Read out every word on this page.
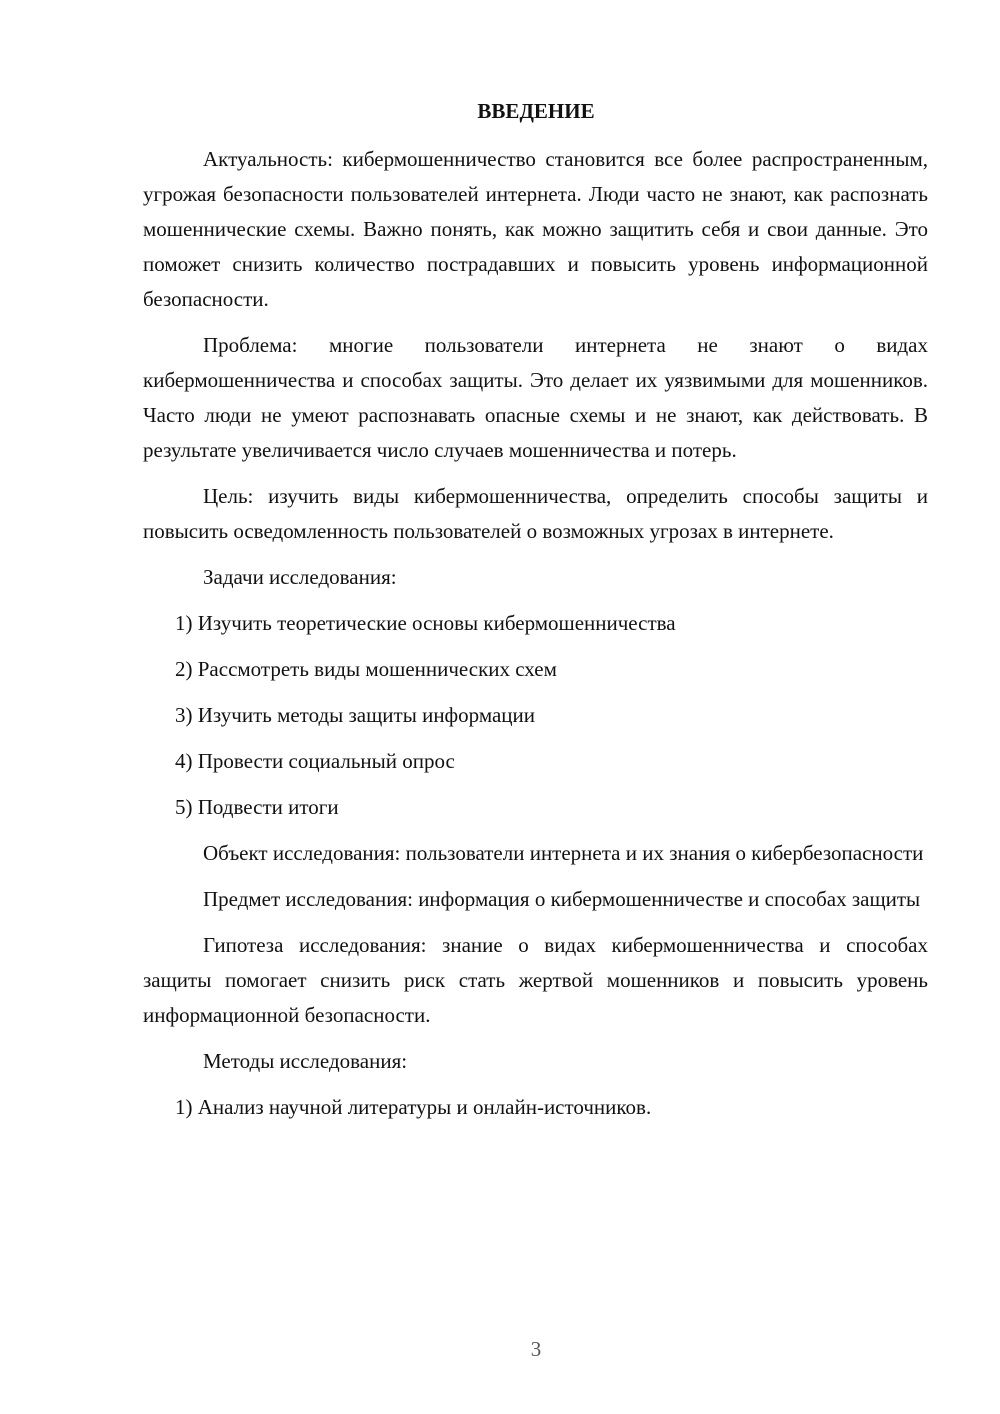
ВВЕДЕНИЕ

Актуальность: кибермошенничество становится все более распространенным, угрожая безопасности пользователей интернета. Люди часто не знают, как распознать мошеннические схемы. Важно понять, как можно защитить себя и свои данные. Это поможет снизить количество пострадавших и повысить уровень информационной безопасности.

Проблема: многие пользователи интернета не знают о видах кибермошенничества и способах защиты. Это делает их уязвимыми для мошенников. Часто люди не умеют распознавать опасные схемы и не знают, как действовать. В результате увеличивается число случаев мошенничества и потерь.

Цель: изучить виды кибермошенничества, определить способы защиты и повысить осведомленность пользователей о возможных угрозах в интернете.

Задачи исследования:

1) Изучить теоретические основы кибермошенничества

2) Рассмотреть виды мошеннических схем

3) Изучить методы защиты информации

4) Провести социальный опрос

5) Подвести итоги

Объект исследования: пользователи интернета и их знания о кибербезопасности

Предмет исследования: информация о кибермошенничестве и способах защиты

Гипотеза исследования: знание о видах кибермошенничества и способах защиты помогает снизить риск стать жертвой мошенников и повысить уровень информационной безопасности.

Методы исследования:

1) Анализ научной литературы и онлайн-источников.

3
